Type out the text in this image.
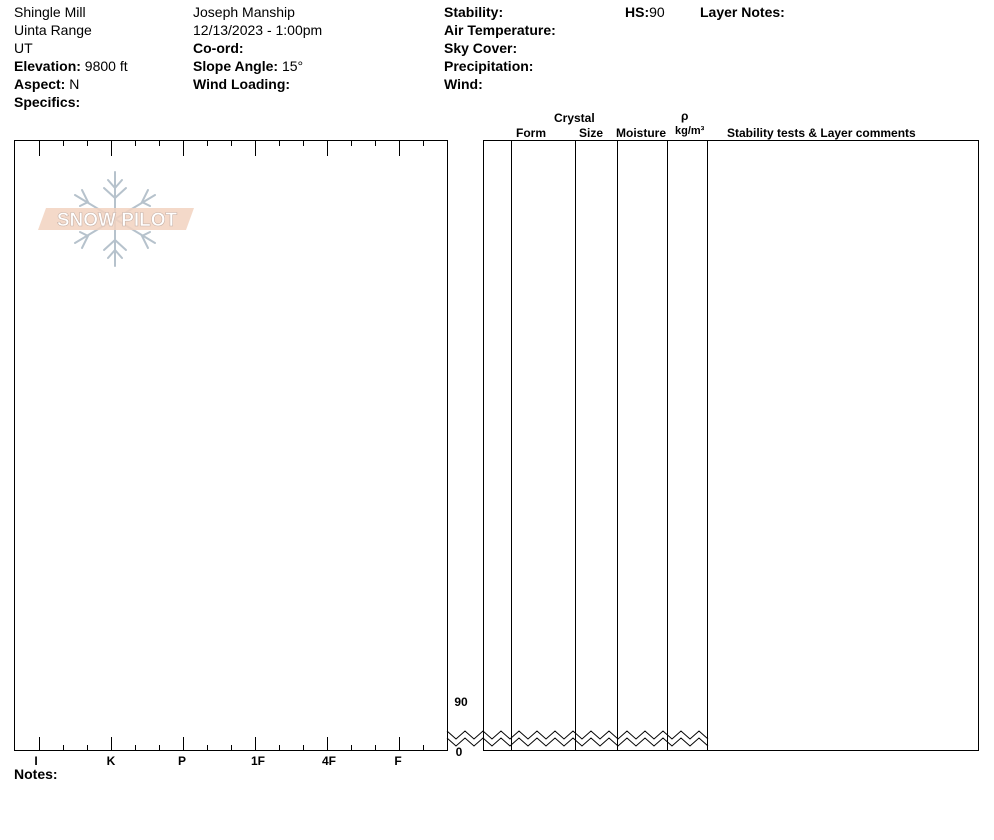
Shingle Mill
Uinta Range
UT
Elevation: 9800 ft
Aspect: N
Specifics:
Joseph Manship
12/13/2023 - 1:00pm
Co-ord:
Slope Angle: 15°
Wind Loading:
Stability:
Air Temperature:
Sky Cover:
Precipitation:
Wind:
HS:90	Layer Notes:
Crystal
Form	Size Moisture
ρ
kg/m³ Stability tests & Layer comments
SNOW PILOT
90
0
I	K	P	1F	4F	F
Notes:
